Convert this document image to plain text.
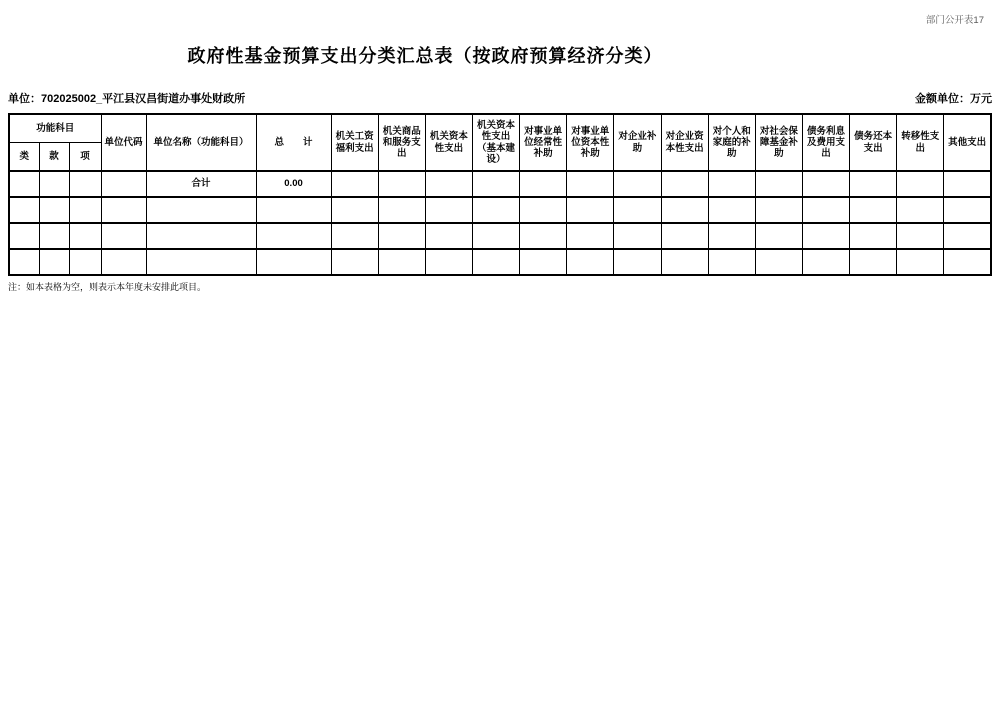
部门公开表17
政府性基金预算支出分类汇总表（按政府预算经济分类）
单位：702025002_平江县汉昌街道办事处财政所	金额单位：万元
功能科目			单位代码	单位名称（功能科目）	总　　计	机关工资福利支出	机关商品和服务支出	机关资本性支出	机关资本性支出（基本建设）	对事业单位经常性补助	对事业单位资本性补助	对企业补助	对企业资本性支出	对个人和家庭的补助	对社会保障基金补助	债务利息及费用支出	债务还本支出	转移性支出	其他支出
类	款	项																	
				合计	0.00														

注：如本表格为空，则表示本年度未安排此项目。
